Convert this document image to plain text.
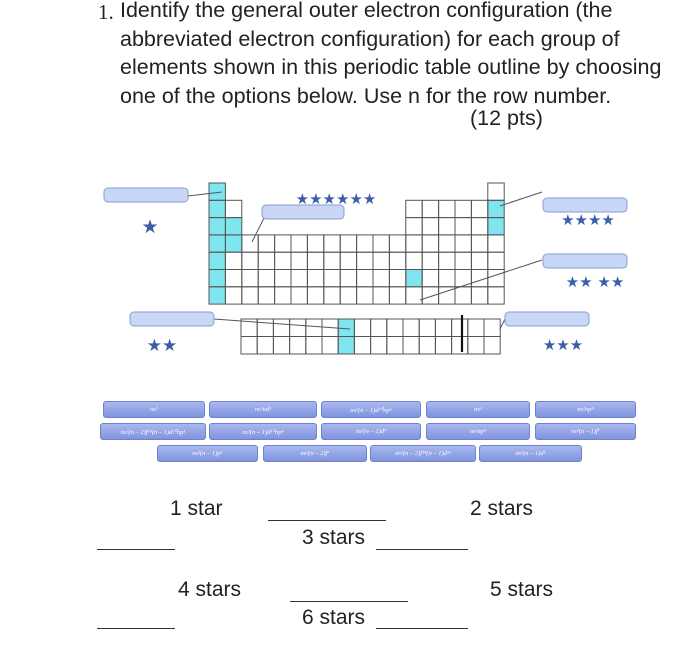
1. Identify the general outer electron configuration (the abbreviated electron configuration) for each group of elements shown in this periodic table outline by choosing one of the options below. Use n for the row number.
(12 pts)
★★★★★★
★	★★★★
★★ ★★
★★	★★★
ns²	ns²nd¹	ns²(n – 1)d¹⁰np¹	ns¹	ns²np⁵
ns²(n – 2)f¹⁴(n – 1)d¹⁰np¹	ns²(n – 1)d¹⁰np⁴	ns²(n – 1)d⁷	ns²np⁶	ns²(n – 1)f⁷
ns²(n – 1)p⁶	ns²(n – 2)f⁷	ns²(n – 2)f¹⁴(n – 1)d¹¹	ns²(n – 1)d¹
1 star	2 stars
3 stars
4 stars	5 stars
6 stars
